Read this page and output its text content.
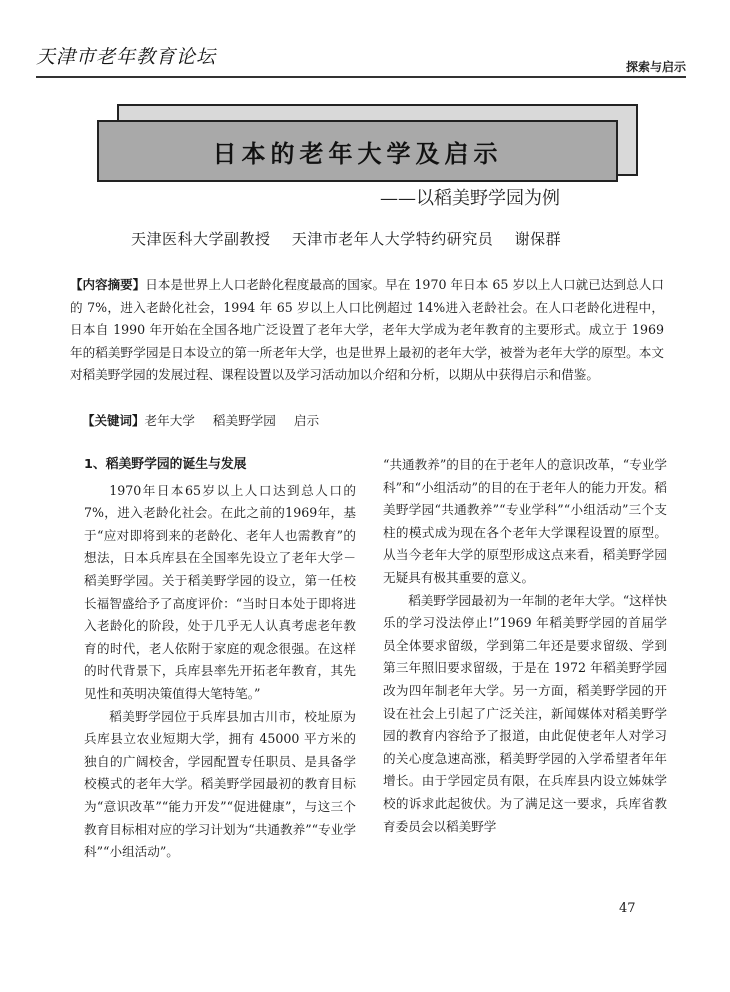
天津市老年教育论坛	探索与启示
日本的老年大学及启示
——以稻美野学园为例
天津医科大学副教授 天津市老年人大学特约研究员 谢保群

【内容摘要】日本是世界上人口老龄化程度最高的国家。早在 1970 年日本 65 岁以上人口就已达到总人口的 7%，进入老龄化社会，1994 年 65 岁以上人口比例超过 14%进入老龄社会。在人口老龄化进程中，日本自 1990 年开始在全国各地广泛设置了老年大学，老年大学成为老年教育的主要形式。成立于 1969 年的稻美野学园是日本设立的第一所老年大学，也是世界上最初的老年大学，被誉为老年大学的原型。本文对稻美野学园的发展过程、课程设置以及学习活动加以介绍和分析，以期从中获得启示和借鉴。

【关键词】老年大学 稻美野学园 启示
1、稻美野学园的诞生与发展

1970年日本65岁以上人口达到总人口的7%，进入老龄化社会。在此之前的1969年，基于“应对即将到来的老龄化、老年人也需教育”的想法，日本兵库县在全国率先设立了老年大学－稻美野学园。关于稻美野学园的设立，第一任校长福智盛给予了高度评价：“当时日本处于即将进入老龄化的阶段，处于几乎无人认真考虑老年教育的时代，老人依附于家庭的观念很强。在这样的时代背景下，兵库县率先开拓老年教育，其先见性和英明决策值得大笔特笔。”

稻美野学园位于兵库县加古川市，校址原为兵库县立农业短期大学，拥有 45000 平方米的独自的广阔校舍，学园配置专任职员、是具备学校模式的老年大学。稻美野学园最初的教育目标为“意识改革”“能力开发”“促进健康”，与这三个教育目标相对应的学习计划为“共通教养”“专业学科”“小组活动”。

“共通教养”的目的在于老年人的意识改革，“专业学科”和“小组活动”的目的在于老年人的能力开发。稻美野学园“共通教养”“专业学科”“小组活动”三个支柱的模式成为现在各个老年大学课程设置的原型。从当今老年大学的原型形成这点来看，稻美野学园无疑具有极其重要的意义。

稻美野学园最初为一年制的老年大学。“这样快乐的学习没法停止!”1969 年稻美野学园的首届学员全体要求留级，学到第二年还是要求留级、学到第三年照旧要求留级，于是在 1972 年稻美野学园改为四年制老年大学。另一方面，稻美野学园的开设在社会上引起了广泛关注，新闻媒体对稻美野学园的教育内容给予了报道，由此促使老年人对学习的关心度急速高涨，稻美野学园的入学希望者年年增长。由于学园定员有限，在兵库县内设立姊妹学校的诉求此起彼伏。为了满足这一要求，兵库省教育委员会以稻美野学

47
